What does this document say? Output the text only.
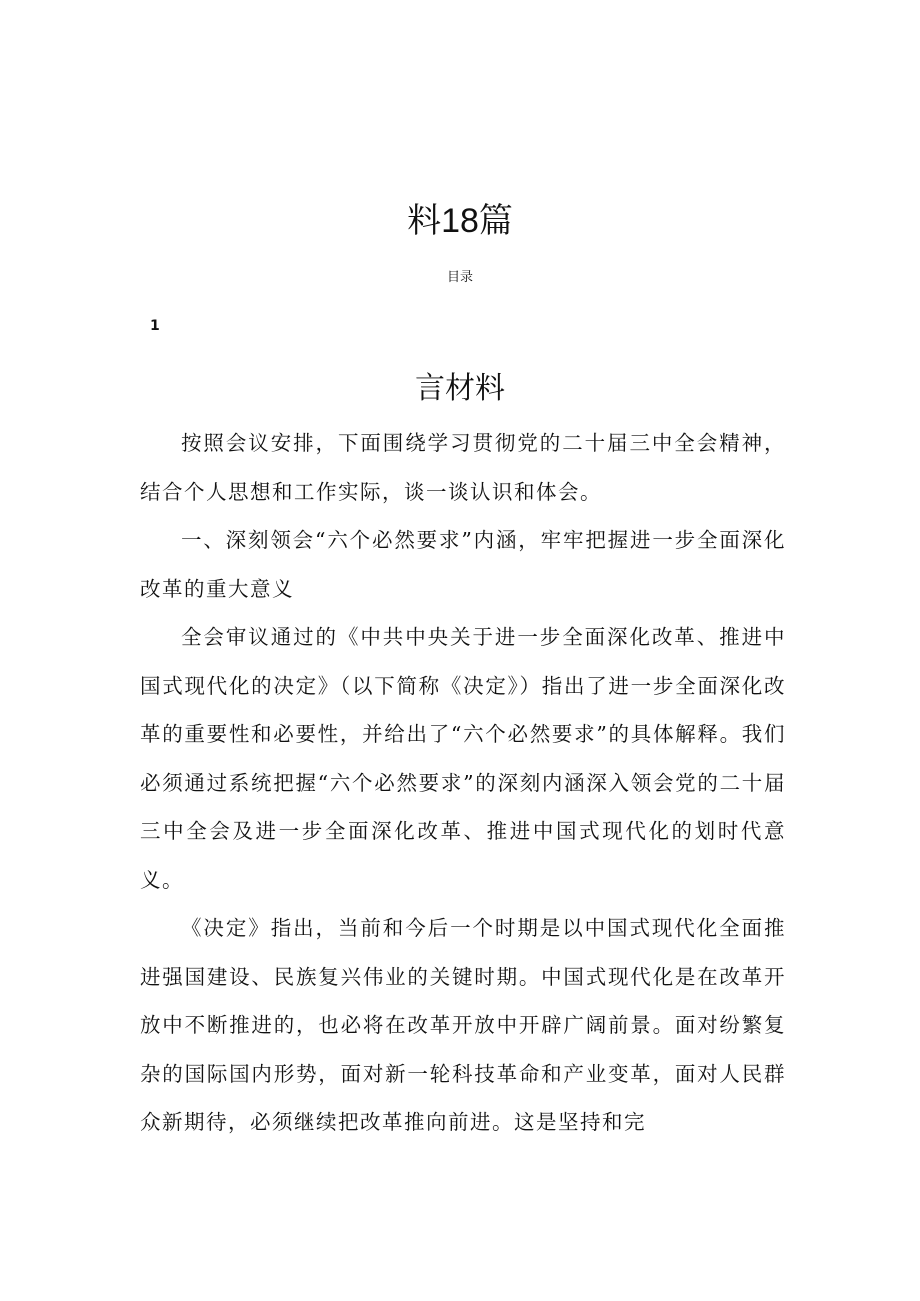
料18篇
目录
1
言材料

按照会议安排，下面围绕学习贯彻党的二十届三中全会精神，结合个人思想和工作实际，谈一谈认识和体会。

一、深刻领会“六个必然要求”内涵，牢牢把握进一步全面深化改革的重大意义

全会审议通过的《中共中央关于进一步全面深化改革、推进中国式现代化的决定》（以下简称《决定》）指出了进一步全面深化改革的重要性和必要性，并给出了“六个必然要求”的具体解释。我们必须通过系统把握“六个必然要求”的深刻内涵深入领会党的二十届三中全会及进一步全面深化改革、推进中国式现代化的划时代意义。

《决定》指出，当前和今后一个时期是以中国式现代化全面推进强国建设、民族复兴伟业的关键时期。中国式现代化是在改革开放中不断推进的，也必将在改革开放中开辟广阔前景。面对纷繁复杂的国际国内形势，面对新一轮科技革命和产业变革，面对人民群众新期待，必须继续把改革推向前进。这是坚持和完
